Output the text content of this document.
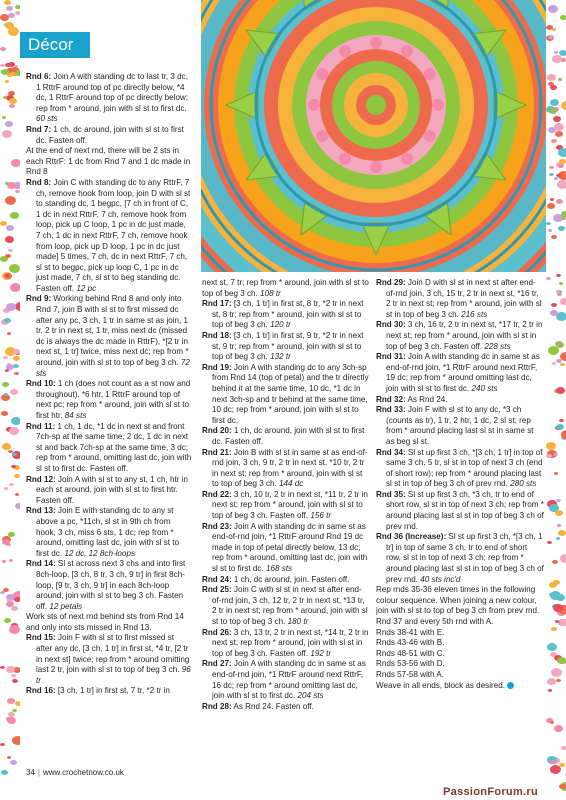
Décor

Rnd 6: Join A with standing dc to last tr, 3 dc, 1 RttrF around top of pc directly below, *4 dc, 1 RttrF around top of pc directly below; rep from * around, join with sl st to first dc. 60 sts

Rnd 7: 1 ch, dc around, join with sl st to first dc. Fasten off.

At the end of next rnd, there will be 2 sts in each RttrF: 1 dc from Rnd 7 and 1 dc made in Rnd 8

Rnd 8: Join C with standing dc to any RttrF, 7 ch, remove hook from loop, join D with sl st to standing dc, 1 begpc, [7 ch in front of C, 1 dc in next RttrF, 7 ch, remove hook from loop, pick up C loop, 1 pc in dc just made, 7 ch, 1 dc in next RttrF, 7 ch, remove hook from loop, pick up D loop, 1 pc in dc just made] 5 times, 7 ch, dc in next RttrF, 7 ch, sl st to begpc, pick up loop C, 1 pc in dc just made, 7 ch, sl st to beg standing dc. Fasten off. 12 pc

Rnd 9: Working behind Rnd 8 and only into Rnd 7, join B with sl st to first missed dc after any pc, 3 ch, 1 tr in same st as join, 1 tr, 2 tr in next st, 1 tr, miss next dc (missed dc is always the dc made in RttrF), *[2 tr in next st, 1 tr] twice, miss next dc; rep from * around, join with sl st to top of beg 3 ch. 72 sts

Rnd 10: 1 ch (does not count as a st now and throughout), *6 htr, 1 RttrF around top of next pc; rep from * around, join with sl st to first htr. 84 sts

Rnd 11: 1 ch, 1 dc, *1 dc in next st and front 7ch-sp at the same time, 2 dc, 1 dc in next st and back 7ch-sp at the same time, 3 dc; rep from * around, omitting last dc, join with sl st to first dc. Fasten off.

Rnd 12: Join A with sl st to any st, 1 ch, htr in each st around, join with sl st to first htr. Fasten off.

Rnd 13: Join E with standing dc to any st above a pc, *11ch, sl st in 9th ch from hook, 3 ch, miss 6 sts, 1 dc; rep from * around, omitting last dc, join with sl st to first dc. 12 dc, 12 8ch-loops

Rnd 14: Sl st across next 3 chs and into first 8ch-loop, [3 ch, 8 tr, 3 ch, 9 tr] in first 8ch-loop, [9 tr, 3 ch, 9 tr] in each 8ch-loop around, join with sl st to beg 3 ch. Fasten off. 12 petals

Work sts of next rnd behind sts from Rnd 14 and only into sts missed in Rnd 13.

Rnd 15: Join F with sl st to first missed st after any dc, [3 ch, 1 tr] in first st, *4 tr, [2 tr in next st] twice; rep from * around omitting last 2 tr, join with sl st to top of beg 3 ch. 96 tr

Rnd 16: [3 ch, 1 tr] in first st, 7 tr, *2 tr in

next st, 7 tr; rep from * around, join with sl st to top of beg 3 ch. 108 tr

Rnd 17: [3 ch, 1 tr] in first st, 8 tr, *2 tr in next st, 8 tr; rep from * around, join with sl st to top of beg 3 ch. 120 tr

Rnd 18: [3 ch, 1 tr] in first st, 9 tr, *2 tr in next st, 9 tr; rep from * around, join with sl st to top of beg 3 ch. 132 tr

Rnd 19: Join A with standing dc to any 3ch-sp from Rnd 14 (top of petal) and the tr directly behind it at the same time, 10 dc, *1 dc in next 3ch-sp and tr behind at the same time, 10 dc; rep from * around, join with sl st to first dc.

Rnd 20: 1 ch, dc around, join with sl st to first dc. Fasten off.

Rnd 21: Join B with sl st in same st as end-of-rnd join, 3 ch, 9 tr, 2 tr in next st, *10 tr, 2 tr in next st; rep from * around, join with sl st to top of beg 3 ch. 144 dc

Rnd 22: 3 ch, 10 tr, 2 tr in next st, *11 tr, 2 tr in next st; rep from * around, join with sl st to top of beg 3 ch. Fasten off. 156 tr

Rnd 23: Join A with standing dc in same st as end-of-rnd join, *1 RttrF around Rnd 19 dc made in top of petal directly below, 13 dc; rep from * around, omitting last dc, join with sl st to first dc. 168 sts

Rnd 24: 1 ch, dc around, join. Fasten off.

Rnd 25: Join C with sl st in next st after end-of-rnd join, 3 ch, 12 tr, 2 tr in next st, *13 tr, 2 tr in next st; rep from * around, join with sl st to top of beg 3 ch. 180 tr

Rnd 26: 3 ch, 13 tr, 2 tr in next st, *14 tr, 2 tr in next st; rep from * around, join with sl st in top of beg 3 ch. Fasten off. 192 tr

Rnd 27: Join A with standing dc in same st as end-of-rnd join, *1 RttrF around next RttrF, 16 dc; rep from * around omitting last dc, join with sl st to first dc. 204 sts

Rnd 28: As Rnd 24. Fasten off.

Rnd 29: Join D with sl st in next st after end-of-rnd join, 3 ch, 15 tr, 2 tr in next st, *16 tr, 2 tr in next st; rep from * around, join with sl st in top of beg 3 ch. 216 sts

Rnd 30: 3 ch, 16 tr, 2 tr in next st, *17 tr, 2 tr in next st; rep from * around, join with sl st in top of beg 3 ch. Fasten off. 228 sts

Rnd 31: Join A with standing dc in same st as end-of-rnd join, *1 RttrF around next RttrF, 19 dc; rep from * around omitting last dc, join with sl st to first dc. 240 sts

Rnd 32: As Rnd 24.

Rnd 33: Join F with sl st to any dc, *3 ch (counts as tr), 1 tr, 2 htr, 1 dc, 2 sl st; rep from * around placing last sl st in same st as beg sl st.

Rnd 34: Sl st up first 3 ch, *[3 ch, 1 tr] in top of same 3 ch, 5 tr, sl st in top of next 3 ch (end of short row); rep from * around placing last sl st in top of beg 3 ch of prev rnd. 280 sts

Rnd 35: Sl st up first 3 ch, *3 ch, tr to end of short row, sl st in top of next 3 ch; rep from * around placing last sl st in top of beg 3 ch of prev rnd.

Rnd 36 (Increase): Sl st up first 3 ch, *[3 ch, 1 tr] in top of same 3 ch, tr to end of short row, sl st in top of next 3 ch; rep from * around placing last sl st in top of beg 3 ch of prev rnd. 40 sts inc'd

Rep rnds 35-36 eleven times in the following colour sequence. When joining a new colour, join with sl st to top of beg 3 ch from prev rnd.

Rnd 37 and every 5th rnd with A.

Rnds 38-41 with E.

Rnds 43-46 with B.

Rnds 48-51 with C.

Rnds 53-56 with D.

Rnds 57-58 with A.

Weave in all ends, block as desired.

34 | www.crochetnow.co.uk
PassionForum.ru
